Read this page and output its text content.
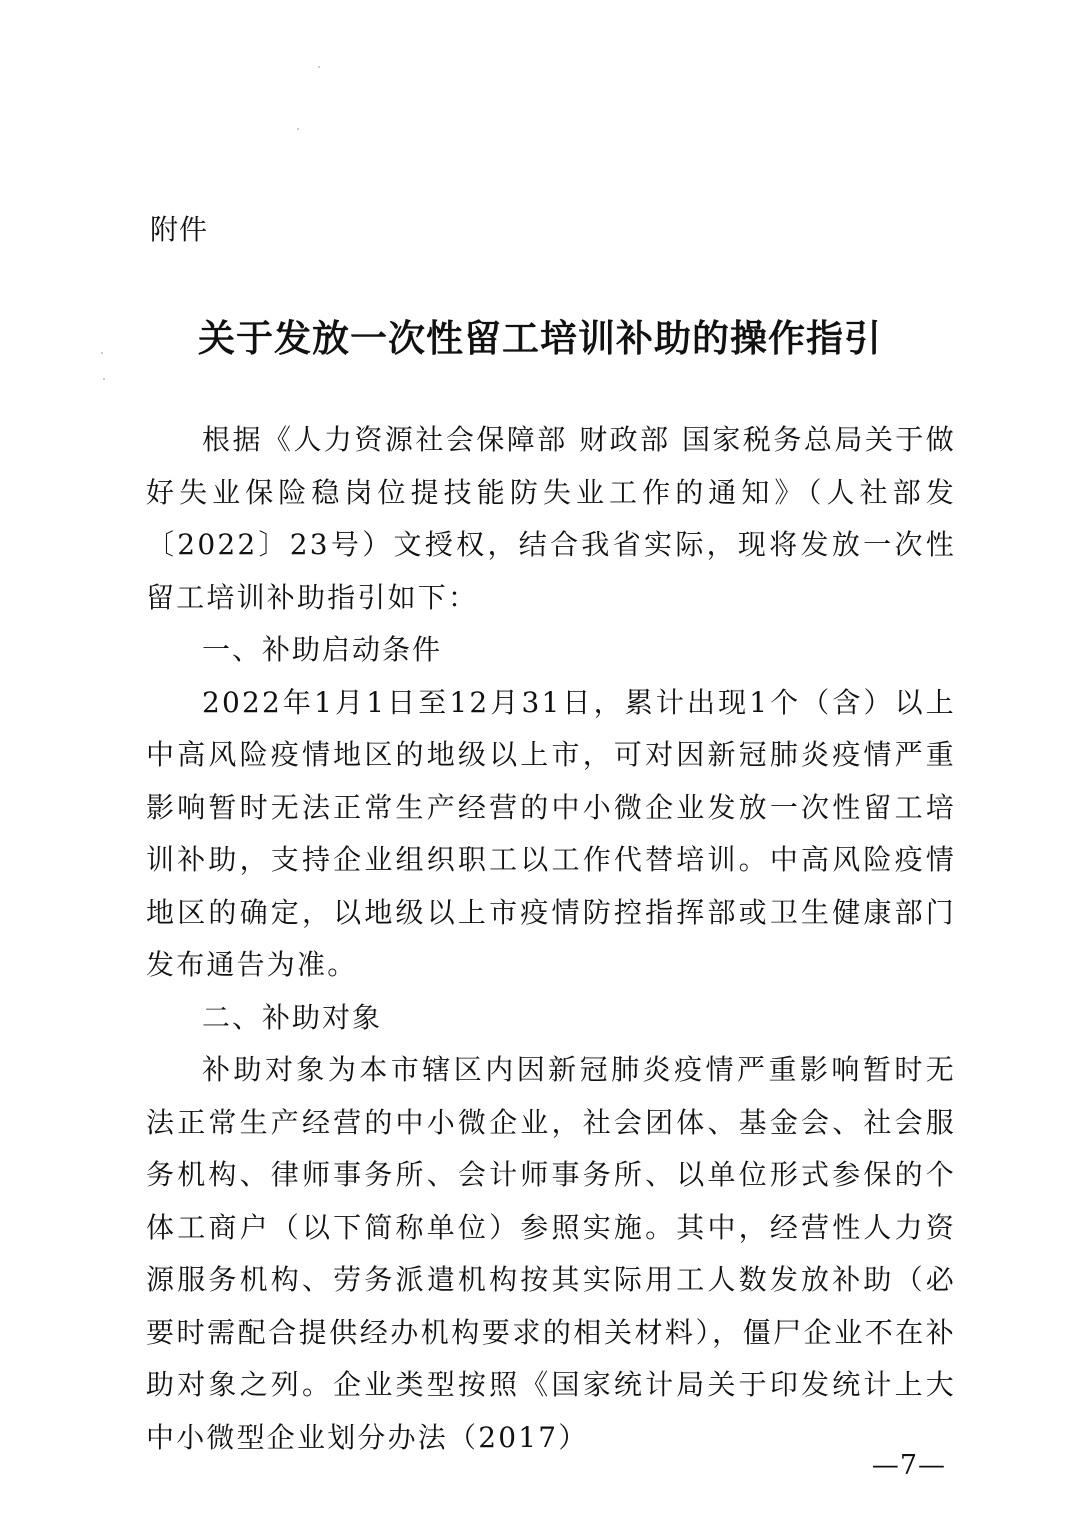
附件
关于发放一次性留工培训补助的操作指引

根据《人力资源社会保障部 财政部 国家税务总局关于做好失业保险稳岗位提技能防失业工作的通知》（人社部发〔2022〕23号）文授权，结合我省实际，现将发放一次性留工培训补助指引如下：

一、补助启动条件

2022年1月1日至12月31日，累计出现1个（含）以上中高风险疫情地区的地级以上市，可对因新冠肺炎疫情严重影响暂时无法正常生产经营的中小微企业发放一次性留工培训补助，支持企业组织职工以工作代替培训。中高风险疫情地区的确定，以地级以上市疫情防控指挥部或卫生健康部门发布通告为准。

二、补助对象

补助对象为本市辖区内因新冠肺炎疫情严重影响暂时无法正常生产经营的中小微企业，社会团体、基金会、社会服务机构、律师事务所、会计师事务所、以单位形式参保的个体工商户（以下简称单位）参照实施。其中，经营性人力资源服务机构、劳务派遣机构按其实际用工人数发放补助（必要时需配合提供经办机构要求的相关材料），僵尸企业不在补助对象之列。企业类型按照《国家统计局关于印发统计上大中小微型企业划分办法（2017）

—7—
